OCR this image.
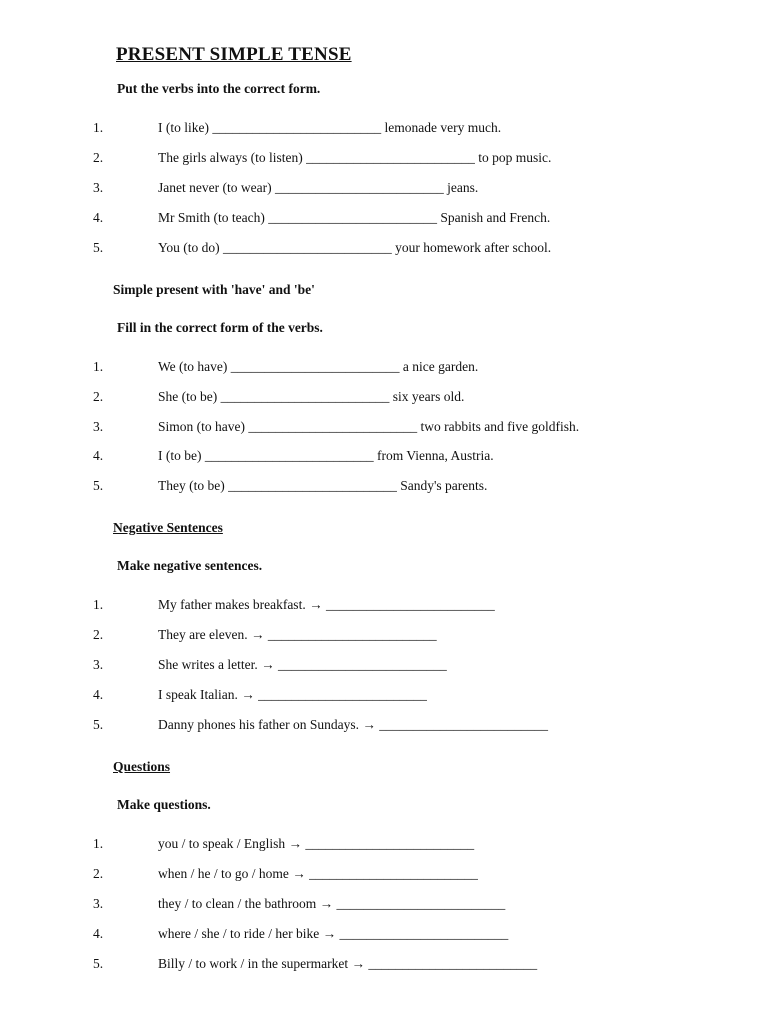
PRESENT SIMPLE TENSE

Put the verbs into the correct form.

1.	I (to like) _________________________ lemonade very much.
2.	The girls always (to listen) _________________________ to pop music.
3.	Janet never (to wear) _________________________ jeans.
4.	Mr Smith (to teach) _________________________ Spanish and French.
5.	You (to do) _________________________ your homework after school.

Simple present with 'have' and 'be'

Fill in the correct form of the verbs.

1.	We (to have) _________________________ a nice garden.
2.	She (to be) _________________________ six years old.
3.	Simon (to have) _________________________ two rabbits and five goldfish.
4.	I (to be) _________________________ from Vienna, Austria.
5.	They (to be) _________________________ Sandy's parents.

Negative Sentences

Make negative sentences.

1.	My father makes breakfast. → _________________________
2.	They are eleven. → _________________________
3.	She writes a letter. → _________________________
4.	I speak Italian. → _________________________
5.	Danny phones his father on Sundays. → _________________________

Questions

Make questions.

1.	you / to speak / English → _________________________
2.	when / he / to go / home → _________________________
3.	they / to clean / the bathroom → _________________________
4.	where / she / to ride / her bike → _________________________
5.	Billy / to work / in the supermarket → _________________________
